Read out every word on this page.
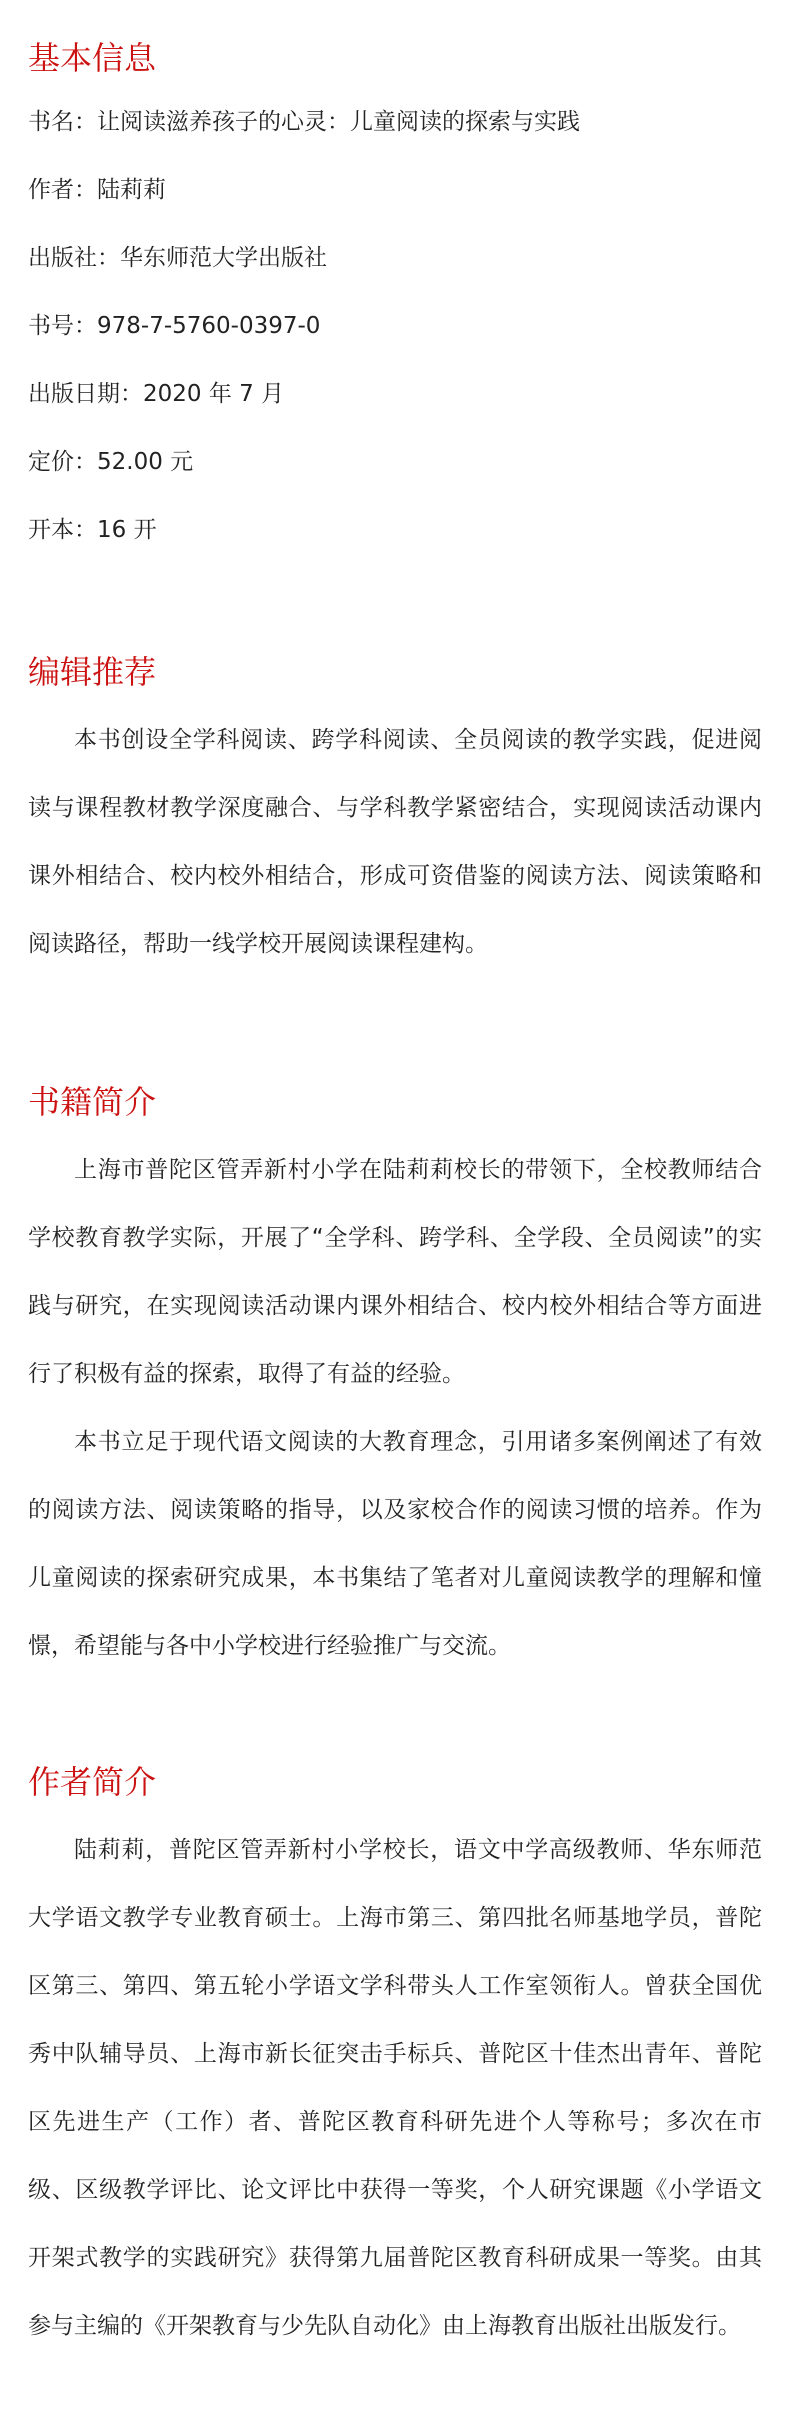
基本信息

书名：让阅读滋养孩子的心灵：儿童阅读的探索与实践

作者：陆莉莉

出版社：华东师范大学出版社

书号：978-7-5760-0397-0

出版日期：2020 年 7 月

定价：52.00 元

开本：16 开

编辑推荐

本书创设全学科阅读、跨学科阅读、全员阅读的教学实践，促进阅读与课程教材教学深度融合、与学科教学紧密结合，实现阅读活动课内课外相结合、校内校外相结合，形成可资借鉴的阅读方法、阅读策略和阅读路径，帮助一线学校开展阅读课程建构。

书籍简介

上海市普陀区管弄新村小学在陆莉莉校长的带领下，全校教师结合学校教育教学实际，开展了“全学科、跨学科、全学段、全员阅读”的实践与研究，在实现阅读活动课内课外相结合、校内校外相结合等方面进行了积极有益的探索，取得了有益的经验。

本书立足于现代语文阅读的大教育理念，引用诸多案例阐述了有效的阅读方法、阅读策略的指导，以及家校合作的阅读习惯的培养。作为儿童阅读的探索研究成果，本书集结了笔者对儿童阅读教学的理解和憧憬，希望能与各中小学校进行经验推广与交流。

作者简介

陆莉莉，普陀区管弄新村小学校长，语文中学高级教师、华东师范大学语文教学专业教育硕士。上海市第三、第四批名师基地学员，普陀区第三、第四、第五轮小学语文学科带头人工作室领衔人。曾获全国优秀中队辅导员、上海市新长征突击手标兵、普陀区十佳杰出青年、普陀区先进生产（工作）者、普陀区教育科研先进个人等称号；多次在市级、区级教学评比、论文评比中获得一等奖，个人研究课题《小学语文开架式教学的实践研究》获得第九届普陀区教育科研成果一等奖。由其参与主编的《开架教育与少先队自动化》由上海教育出版社出版发行。
